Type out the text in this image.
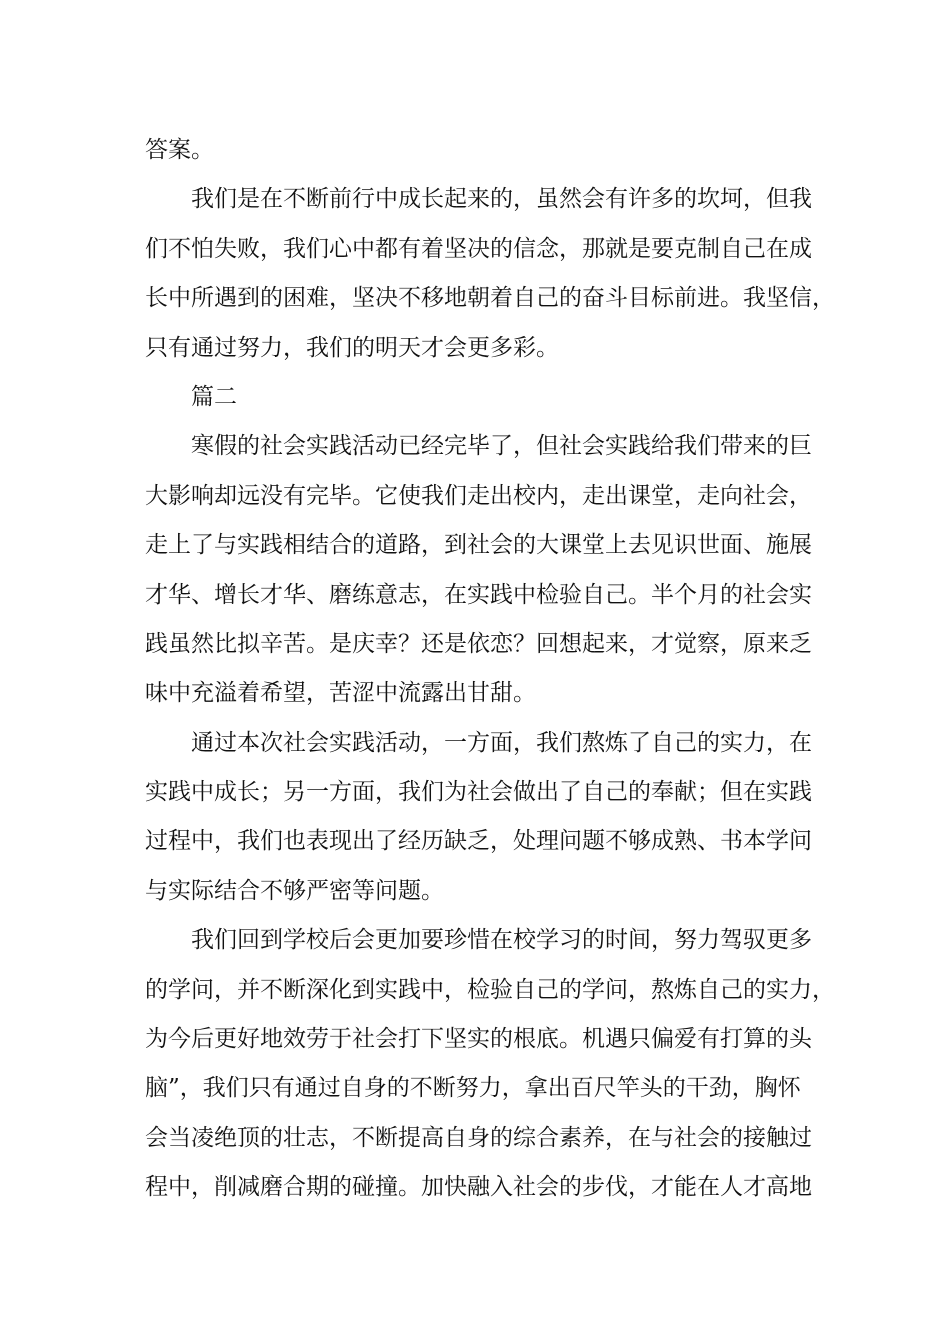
答案。
我们是在不断前行中成长起来的，虽然会有许多的坎坷，但我
们不怕失败，我们心中都有着坚决的信念，那就是要克制自己在成
长中所遇到的困难，坚决不移地朝着自己的奋斗目标前进。我坚信，
只有通过努力，我们的明天才会更多彩。
篇二
寒假的社会实践活动已经完毕了，但社会实践给我们带来的巨
大影响却远没有完毕。它使我们走出校内，走出课堂，走向社会，
走上了与实践相结合的道路，到社会的大课堂上去见识世面、施展
才华、增长才华、磨练意志，在实践中检验自己。半个月的社会实
践虽然比拟辛苦。是庆幸？还是依恋？回想起来，才觉察，原来乏
味中充溢着希望，苦涩中流露出甘甜。
通过本次社会实践活动，一方面，我们熬炼了自己的实力，在
实践中成长；另一方面，我们为社会做出了自己的奉献；但在实践
过程中，我们也表现出了经历缺乏，处理问题不够成熟、书本学问
与实际结合不够严密等问题。
我们回到学校后会更加要珍惜在校学习的时间，努力驾驭更多
的学问，并不断深化到实践中，检验自己的学问，熬炼自己的实力，
为今后更好地效劳于社会打下坚实的根底。机遇只偏爱有打算的头
脑”，我们只有通过自身的不断努力，拿出百尺竿头的干劲，胸怀
会当凌绝顶的壮志，不断提高自身的综合素养，在与社会的接触过
程中，削减磨合期的碰撞。加快融入社会的步伐，才能在人才高地
